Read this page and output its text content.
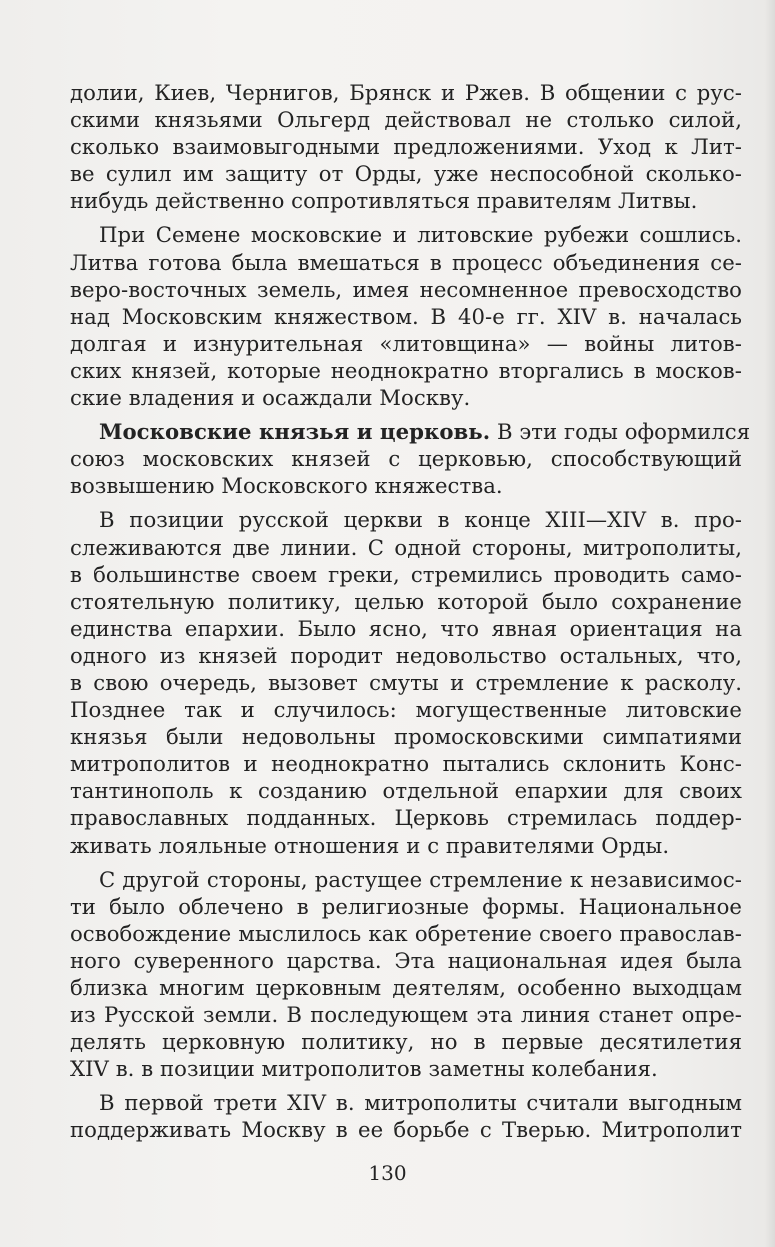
долии, Киев, Чернигов, Брянск и Ржев. В общении с рус-
скими князьями Ольгерд действовал не столько силой,
сколько взаимовыгодными предложениями. Уход к Лит-
ве сулил им защиту от Орды, уже неспособной сколько-
нибудь действенно сопротивляться правителям Литвы.
При Семене московские и литовские рубежи сошлись.
Литва готова была вмешаться в процесс объединения се-
веро-восточных земель, имея несомненное превосходство
над Московским княжеством. В 40-е гг. XIV в. началась
долгая и изнурительная «литовщина» — войны литов-
ских князей, которые неоднократно вторгались в москов-
ские владения и осаждали Москву.
Московские князья и церковь. В эти годы оформился
союз московских князей с церковью, способствующий
возвышению Московского княжества.
В позиции русской церкви в конце XIII—XIV в. про-
слеживаются две линии. С одной стороны, митрополиты,
в большинстве своем греки, стремились проводить само-
стоятельную политику, целью которой было сохранение
единства епархии. Было ясно, что явная ориентация на
одного из князей породит недовольство остальных, что,
в свою очередь, вызовет смуты и стремление к расколу.
Позднее так и случилось: могущественные литовские
князья были недовольны промосковскими симпатиями
митрополитов и неоднократно пытались склонить Конс-
тантинополь к созданию отдельной епархии для своих
православных подданных. Церковь стремилась поддер-
живать лояльные отношения и с правителями Орды.
С другой стороны, растущее стремление к независимос-
ти было облечено в религиозные формы. Национальное
освобождение мыслилось как обретение своего православ-
ного суверенного царства. Эта национальная идея была
близка многим церковным деятелям, особенно выходцам
из Русской земли. В последующем эта линия станет опре-
делять церковную политику, но в первые десятилетия
XIV в. в позиции митрополитов заметны колебания.
В первой трети XIV в. митрополиты считали выгодным
поддерживать Москву в ее борьбе с Тверью. Митрополит
130
